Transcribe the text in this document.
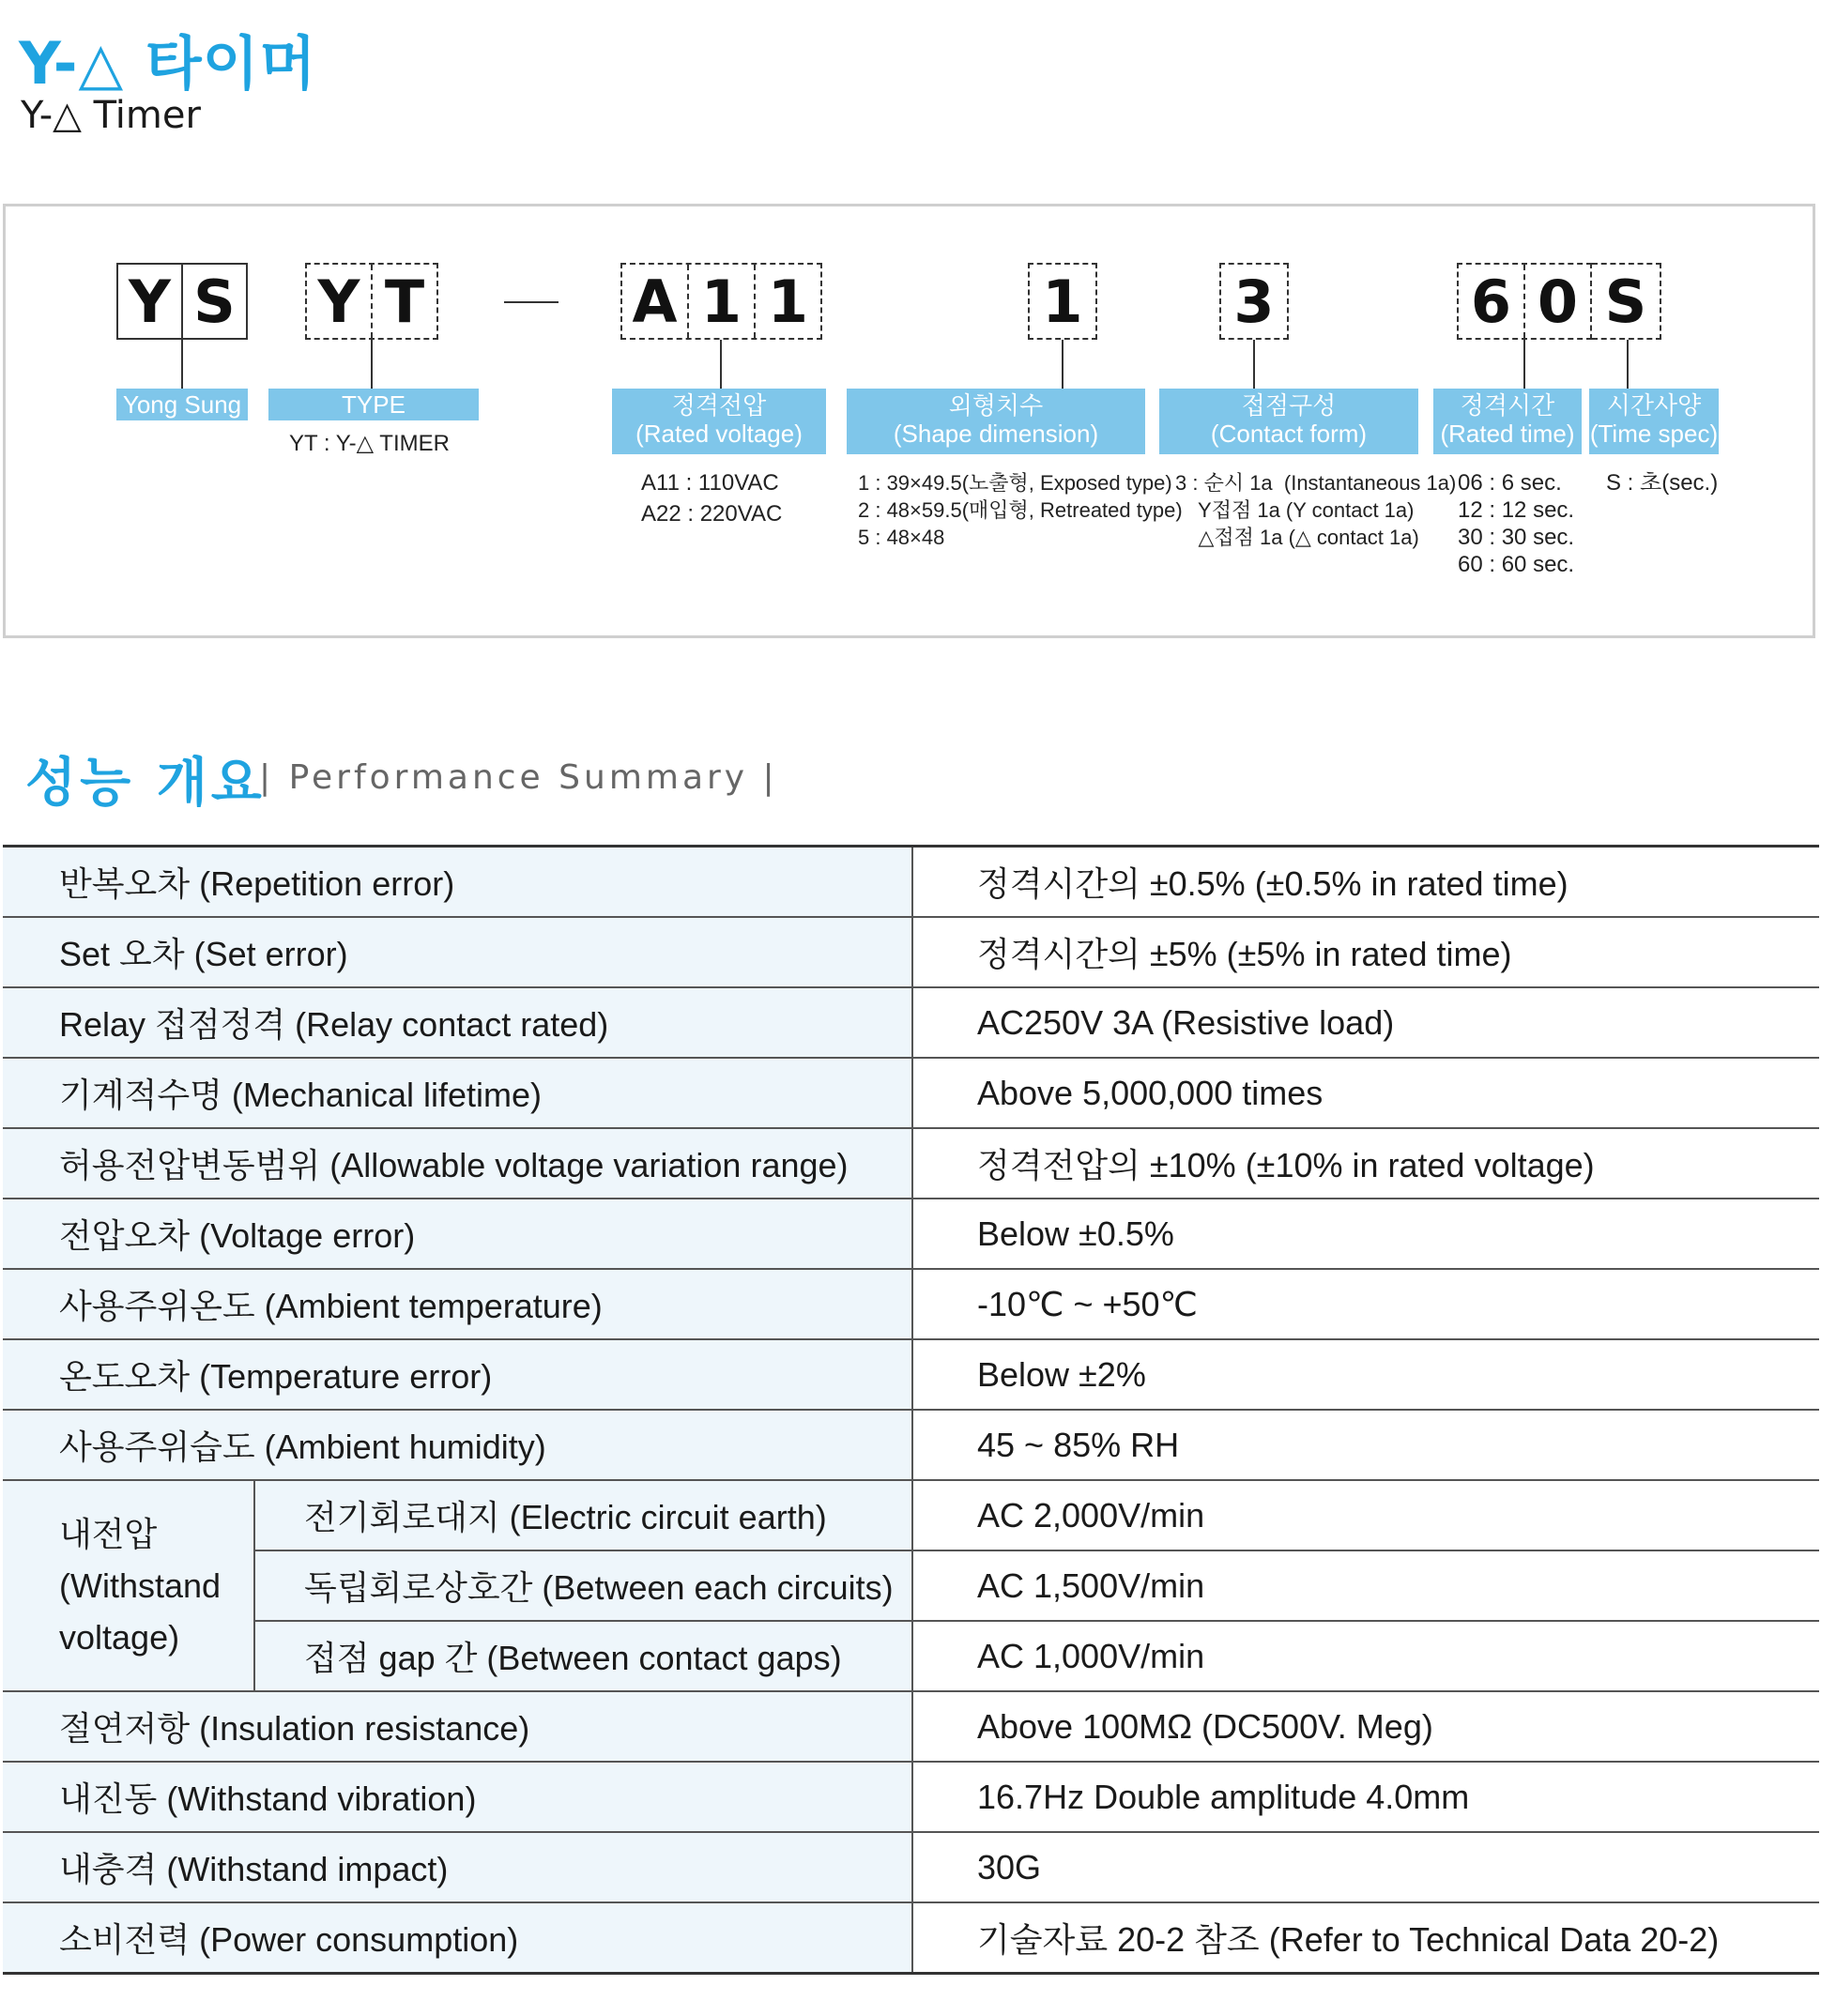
Y-△ 타이머
Y-△ Timer
Y S Y T	A 1 1	1	3	6 0 S
Yong Sung	TYPE	정격전압
(Rated voltage)
외형치수
(Shape dimension)
접점구성
(Contact form)
정격시간
(Rated time)
시간사양
(Time spec)
YT : Y-△ TIMER
A11 : 110VAC
A22 : 220VAC
1 : 39×49.5(노출형, Exposed type)
2 : 48×59.5(매입형, Retreated type)
5 : 48×48
3 : 순시 1a  (Instantaneous 1a)
Y접점 1a (Y contact 1a)
△접점 1a (△ contact 1a)
06 : 6 sec.
12 : 12 sec.
30 : 30 sec.
60 : 60 sec.
S : 초(sec.)
성능 개요
| Performance Summary |
반복오차 (Repetition error)		정격시간의 ±0.5% (±0.5% in rated time)
Set 오차 (Set error)		정격시간의 ±5% (±5% in rated time)
Relay 접점정격 (Relay contact rated)		AC250V 3A (Resistive load)
기계적수명 (Mechanical lifetime)		Above 5,000,000 times
허용전압변동범위 (Allowable voltage variation range)		정격전압의 ±10% (±10% in rated voltage)
전압오차 (Voltage error)		Below ±0.5%
사용주위온도 (Ambient temperature)		-10℃ ~ +50℃
온도오차 (Temperature error)		Below ±2%
사용주위습도 (Ambient humidity)		45 ~ 85% RH

내전압
(Withstand
voltage)	전기회로대지 (Electric circuit earth)	AC 2,000V/min
	독립회로상호간 (Between each circuits)	AC 1,500V/min
	접점 gap 간 (Between contact gaps)	AC 1,000V/min
절연저항 (Insulation resistance)		Above 100MΩ (DC500V. Meg)
내진동 (Withstand vibration)		16.7Hz Double amplitude 4.0mm
내충격 (Withstand impact)		30G
소비전력 (Power consumption)		기술자료 20-2 참조 (Refer to Technical Data 20-2)
